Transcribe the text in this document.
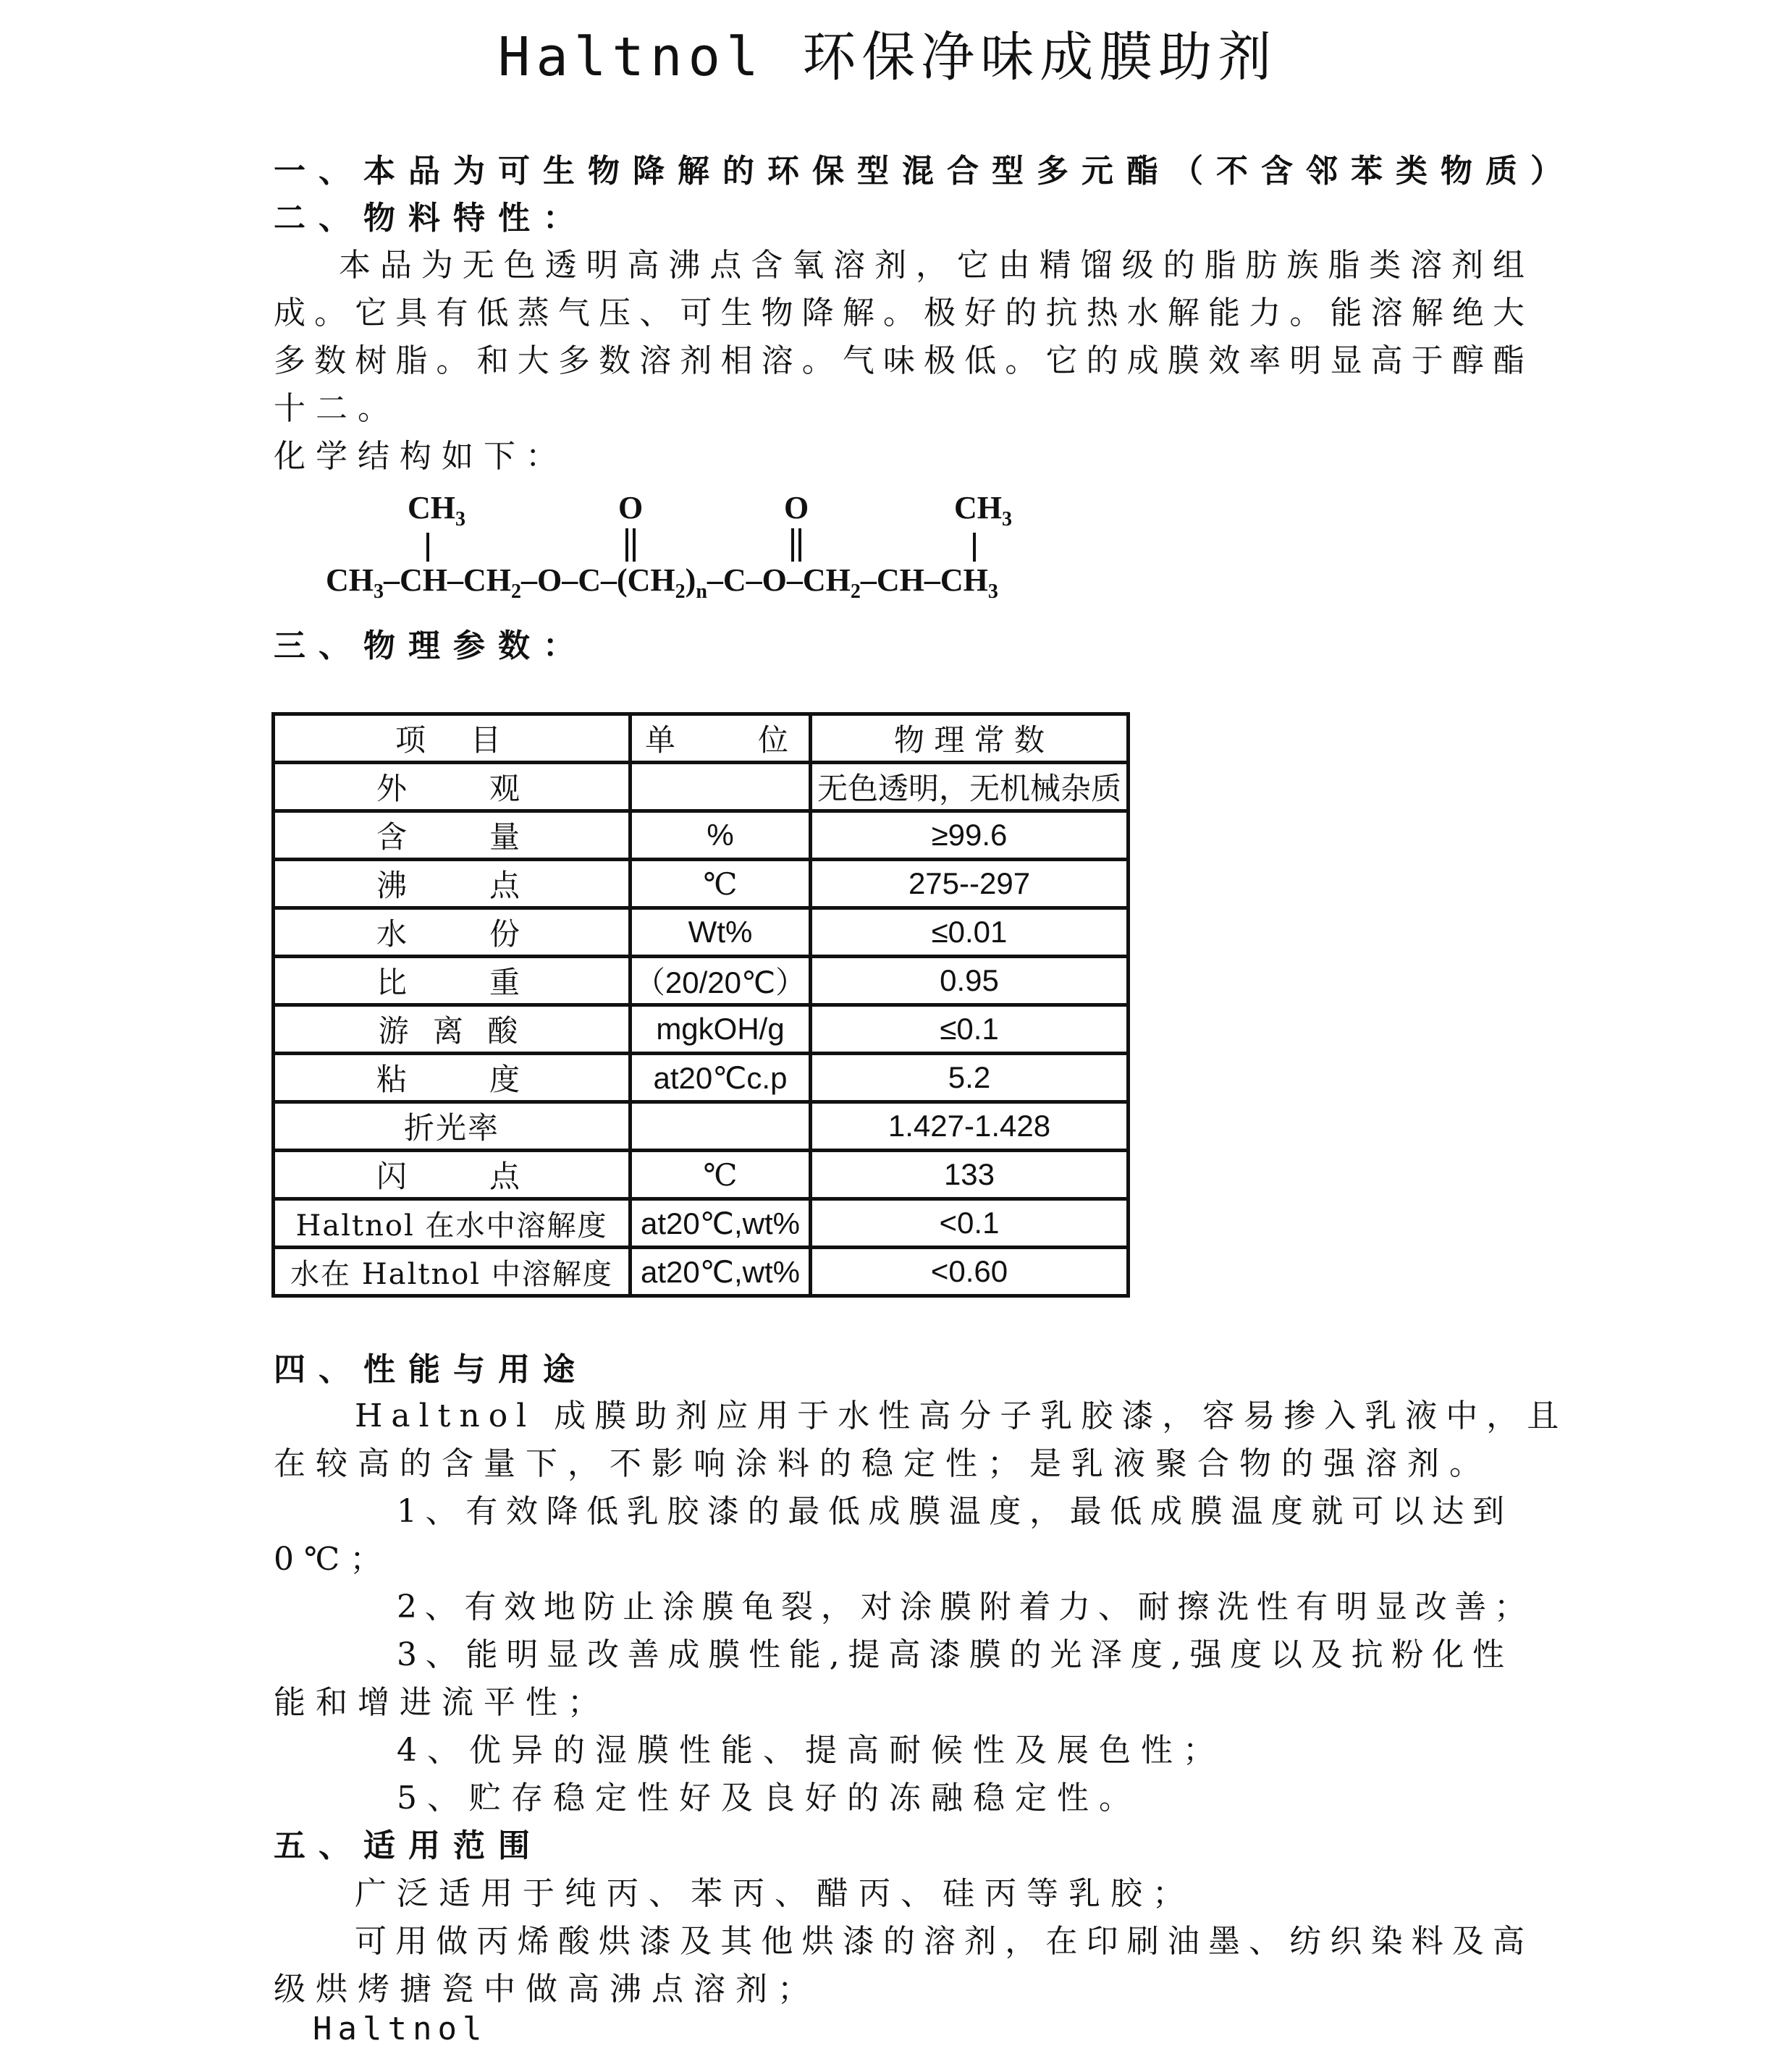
Haltnol 环保净味成膜助剂
一、本品为可生物降解的环保型混合型多元酯（不含邻苯类物质）
二、物料特性：
本品为无色透明高沸点含氧溶剂，它由精馏级的脂肪族脂类溶剂组
成。它具有低蒸气压、可生物降解。极好的抗热水解能力。能溶解绝大
多数树脂。和大多数溶剂相溶。气味极低。它的成膜效率明显高于醇酯
十二。
化学结构如下：
$CH_3$	O	O	$CH_3$
$CH_3-CH-CH_2-O-C-(CH_2)_n-C-O-CH_2-CH-CH_3$
三、物理参数：
项　目	单　　位	物 理 常 数
外　　观		无色透明，无机械杂质
含　　量	%	≥99.6
沸　　点	℃	275--297
水　　份	Wt%	≤0.01
比　　重	（20/20℃）	0.95
游 离 酸	mgkOH/g	≤0.1
粘　　度	at20℃c.p	5.2
折光率		1.427-1.428
闪　　点	℃	133
Haltnol 在水中溶解度	at20℃,wt%	<0.1
水在 Haltnol 中溶解度	at20℃,wt%	<0.60
四、性能与用途
Haltnol 成膜助剂应用于水性高分子乳胶漆，容易掺入乳液中，且
在较高的含量下，不影响涂料的稳定性；是乳液聚合物的强溶剂。
1、有效降低乳胶漆的最低成膜温度，最低成膜温度就可以达到
0℃；
2、有效地防止涂膜龟裂，对涂膜附着力、耐擦洗性有明显改善；
3、能明显改善成膜性能,提高漆膜的光泽度,强度以及抗粉化性
能和增进流平性；
4、优异的湿膜性能、提高耐候性及展色性；
5、贮存稳定性好及良好的冻融稳定性。
五、适用范围
广泛适用于纯丙、苯丙、醋丙、硅丙等乳胶；
可用做丙烯酸烘漆及其他烘漆的溶剂，在印刷油墨、纺织染料及高
级烘烤搪瓷中做高沸点溶剂；
Haltnol
